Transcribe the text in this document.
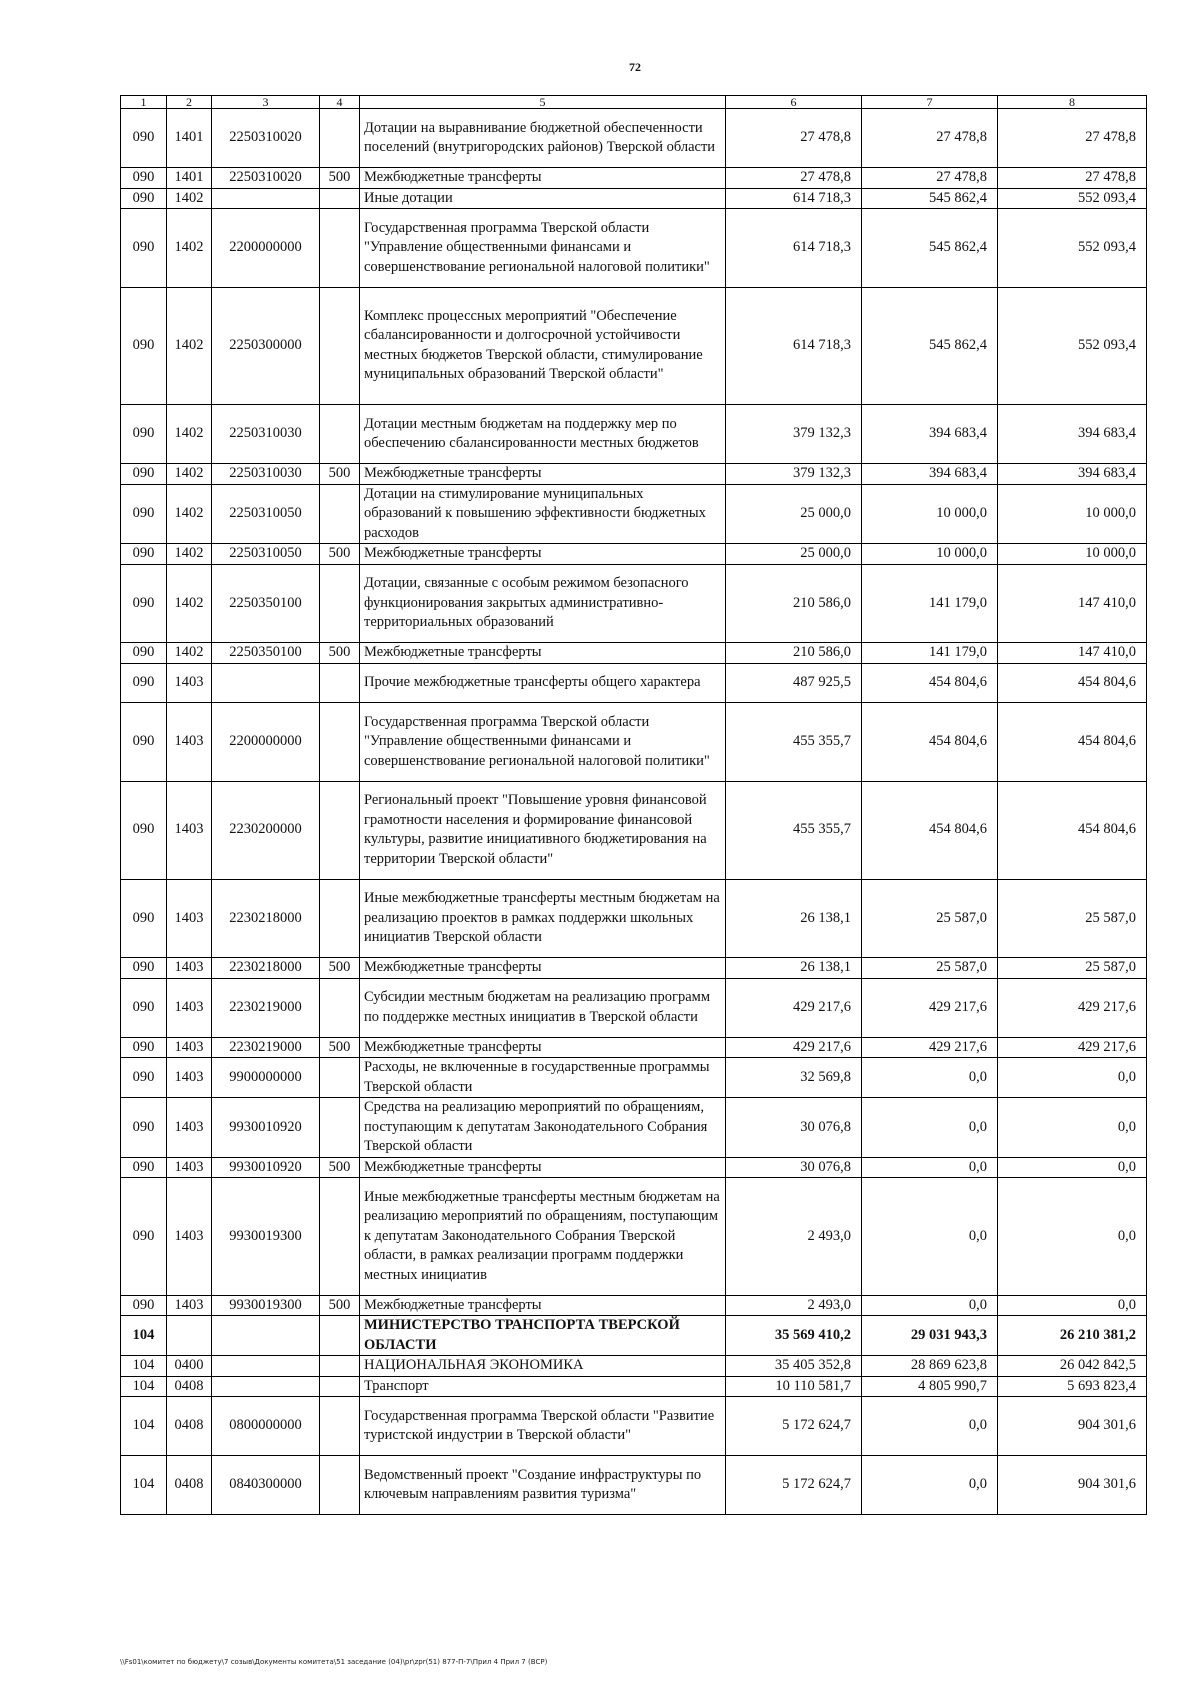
72
1	2	3	4	5	6	7	8
090	1401	2250310020		Дотации на выравнивание бюджетной обеспеченности поселений (внутригородских районов) Тверской области	27 478,8	27 478,8	27 478,8
090	1401	2250310020	500	Межбюджетные трансферты	27 478,8	27 478,8	27 478,8
090	1402			Иные дотации	614 718,3	545 862,4	552 093,4
090	1402	2200000000		Государственная программа Тверской области "Управление общественными финансами и совершенствование региональной налоговой политики"	614 718,3	545 862,4	552 093,4
090	1402	2250300000		Комплекс процессных мероприятий "Обеспечение сбалансированности и долгосрочной устойчивости местных бюджетов Тверской области, стимулирование муниципальных образований Тверской области"	614 718,3	545 862,4	552 093,4
090	1402	2250310030		Дотации местным бюджетам на поддержку мер по обеспечению сбалансированности местных бюджетов	379 132,3	394 683,4	394 683,4
090	1402	2250310030	500	Межбюджетные трансферты	379 132,3	394 683,4	394 683,4
090	1402	2250310050		Дотации на стимулирование муниципальных образований к повышению эффективности бюджетных расходов	25 000,0	10 000,0	10 000,0
090	1402	2250310050	500	Межбюджетные трансферты	25 000,0	10 000,0	10 000,0
090	1402	2250350100		Дотации, связанные с особым режимом безопасного функционирования закрытых административно-территориальных образований	210 586,0	141 179,0	147 410,0
090	1402	2250350100	500	Межбюджетные трансферты	210 586,0	141 179,0	147 410,0
090	1403			Прочие межбюджетные трансферты общего характера	487 925,5	454 804,6	454 804,6
090	1403	2200000000		Государственная программа Тверской области "Управление общественными финансами и совершенствование региональной налоговой политики"	455 355,7	454 804,6	454 804,6
090	1403	2230200000		Региональный проект "Повышение уровня финансовой грамотности населения и формирование финансовой культуры, развитие инициативного бюджетирования на территории Тверской области"	455 355,7	454 804,6	454 804,6
090	1403	2230218000		Иные межбюджетные трансферты местным бюджетам на реализацию проектов в рамках поддержки школьных инициатив Тверской области	26 138,1	25 587,0	25 587,0
090	1403	2230218000	500	Межбюджетные трансферты	26 138,1	25 587,0	25 587,0
090	1403	2230219000		Субсидии местным бюджетам на реализацию программ по поддержке местных инициатив в Тверской области	429 217,6	429 217,6	429 217,6
090	1403	2230219000	500	Межбюджетные трансферты	429 217,6	429 217,6	429 217,6
090	1403	9900000000		Расходы, не включенные в государственные программы Тверской области	32 569,8	0,0	0,0
090	1403	9930010920		Средства на реализацию мероприятий по обращениям, поступающим к депутатам Законодательного Собрания Тверской области	30 076,8	0,0	0,0
090	1403	9930010920	500	Межбюджетные трансферты	30 076,8	0,0	0,0
090	1403	9930019300		Иные межбюджетные трансферты местным бюджетам на реализацию мероприятий по обращениям, поступающим к депутатам Законодательного Собрания Тверской области, в рамках реализации программ поддержки местных инициатив	2 493,0	0,0	0,0
090	1403	9930019300	500	Межбюджетные трансферты	2 493,0	0,0	0,0
104				МИНИСТЕРСТВО ТРАНСПОРТА ТВЕРСКОЙ ОБЛАСТИ	35 569 410,2	29 031 943,3	26 210 381,2
104	0400			НАЦИОНАЛЬНАЯ ЭКОНОМИКА	35 405 352,8	28 869 623,8	26 042 842,5
104	0408			Транспорт	10 110 581,7	4 805 990,7	5 693 823,4
104	0408	0800000000		Государственная программа Тверской области "Развитие туристской индустрии в Тверской области"	5 172 624,7	0,0	904 301,6
104	0408	0840300000		Ведомственный проект "Создание инфраструктуры по ключевым направлениям развития туризма"	5 172 624,7	0,0	904 301,6
\\Fs01\комитет по бюджету\7 созыв\Документы комитета\51 заседание (04)\pr\zpr(51) 877-П-7\Прил 4 Прил 7 (ВСР)
